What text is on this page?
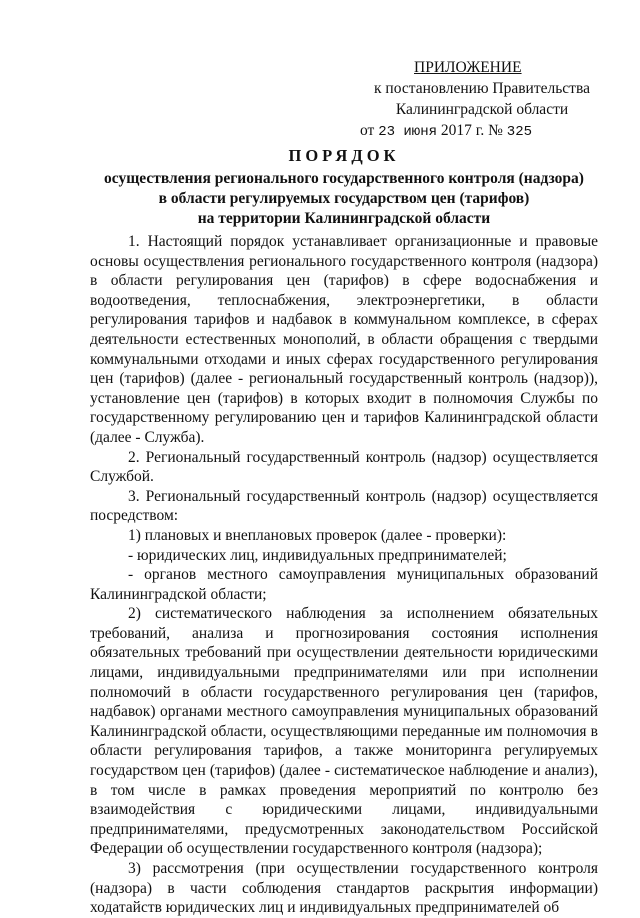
ПРИЛОЖЕНИЕ
к постановлению Правительства
Калининградской области
от 23 июня 2017 г. № 325
ПОРЯДОК
осуществления регионального государственного контроля (надзора)
в области регулируемых государством цен (тарифов)
на территории Калининградской области

1. Настоящий порядок устанавливает организационные и правовые основы осуществления регионального государственного контроля (надзора) в области регулирования цен (тарифов) в сфере водоснабжения и водоотведения, теплоснабжения, электроэнергетики, в области регулирования тарифов и надбавок в коммунальном комплексе, в сферах деятельности естественных монополий, в области обращения с твердыми коммунальными отходами и иных сферах государственного регулирования цен (тарифов) (далее - региональный государственный контроль (надзор)), установление цен (тарифов) в которых входит в полномочия Службы по государственному регулированию цен и тарифов Калининградской области (далее - Служба).

2. Региональный государственный контроль (надзор) осуществляется Службой.

3. Региональный государственный контроль (надзор) осуществляется посредством:

1) плановых и внеплановых проверок (далее - проверки):

- юридических лиц, индивидуальных предпринимателей;

- органов местного самоуправления муниципальных образований Калининградской области;

2) систематического наблюдения за исполнением обязательных требований, анализа и прогнозирования состояния исполнения обязательных требований при осуществлении деятельности юридическими лицами, индивидуальными предпринимателями или при исполнении полномочий в области государственного регулирования цен (тарифов, надбавок) органами местного самоуправления муниципальных образований Калининградской области, осуществляющими переданные им полномочия в области регулирования тарифов, а также мониторинга регулируемых государством цен (тарифов) (далее - систематическое наблюдение и анализ), в том числе в рамках проведения мероприятий по контролю без взаимодействия с юридическими лицами, индивидуальными предпринимателями, предусмотренных законодательством Российской Федерации об осуществлении государственного контроля (надзора);

3) рассмотрения (при осуществлении государственного контроля (надзора) в части соблюдения стандартов раскрытия информации) ходатайств юридических лиц и индивидуальных предпринимателей об
